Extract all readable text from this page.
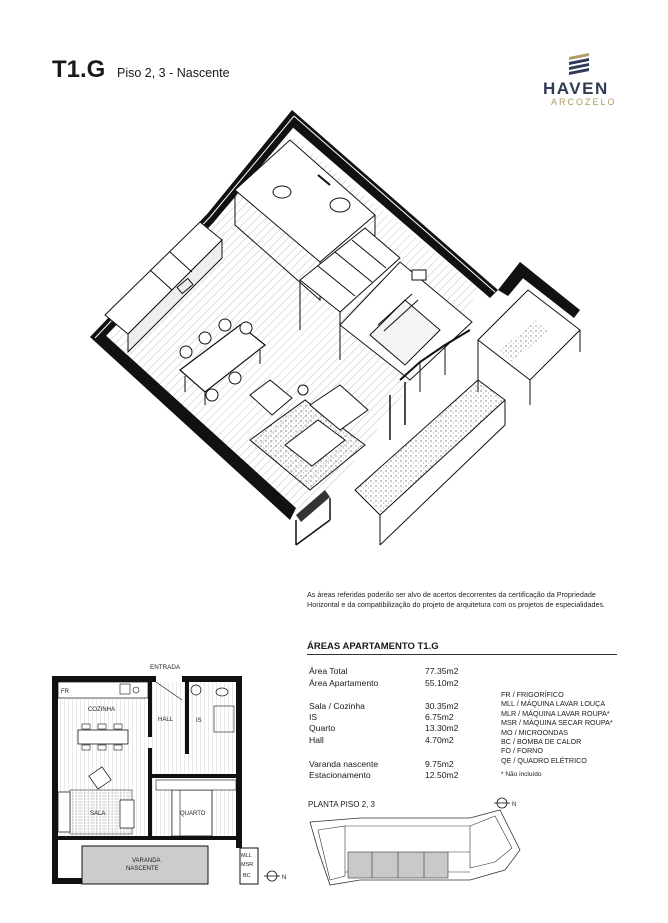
T1.G Piso 2, 3 - Nascente
HAVEN
ARCOZELO
As áreas referidas poderão ser alvo de acertos decorrentes da certificação da Propriedade Horizontal e da compatibilização do projeto de arquitetura com os projetos de especialidades.
ÁREAS APARTAMENTO T1.G
Área Total	77.35m2
Área Apartamento	55.10m2
Sala / Cozinha	30.35m2
IS	6.75m2
Quarto	13.30m2
Hall	4.70m2
Varanda nascente	9.75m2
Estacionamento	12.50m2
FR / FRIGORÍFICO
MLL / MÁQUINA LAVAR LOUÇA
MLR / MÁQUINA LAVAR ROUPA*
MSR / MÁQUINA SECAR ROUPA*
MO / MICROONDAS
BC / BOMBA DE CALOR
FO / FORNO
QE / QUADRO ELÉTRICO
* Não incluído
ENTRADA
FR
COZINHA
HALL	IS
SALA	QUARTO
VARANDA
NASCENTE
MLL
MSR
BC	N
PLANTA PISO 2, 3	N
